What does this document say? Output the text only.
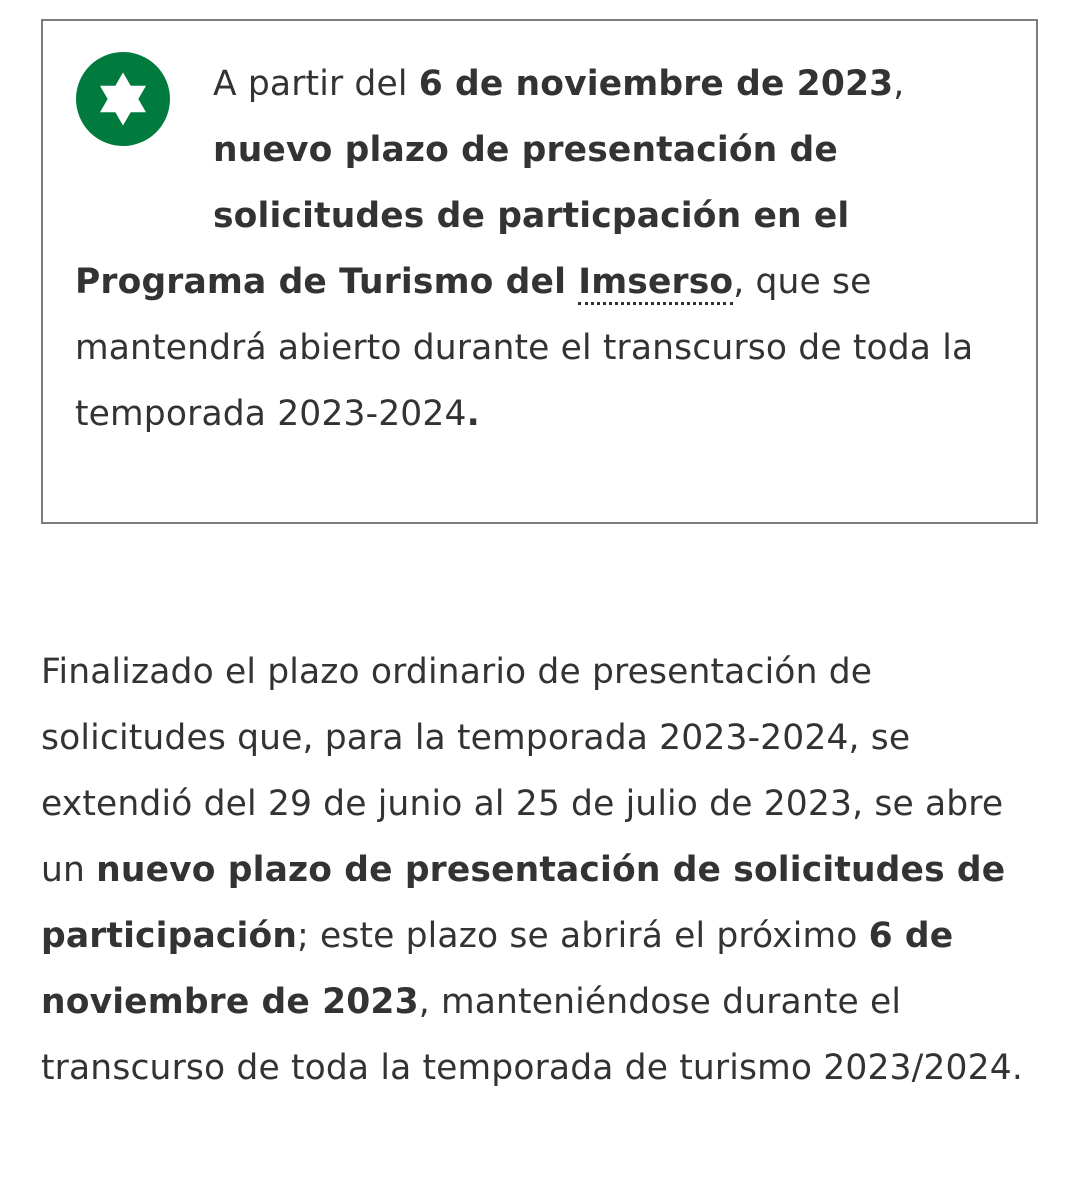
A partir del 6 de noviembre de 2023, nuevo plazo de presentación de solicitudes de particpación en el Programa de Turismo del Imserso, que se mantendrá abierto durante el transcurso de toda la temporada 2023-2024.

Finalizado el plazo ordinario de presentación de solicitudes que, para la temporada 2023-2024, se extendió del 29 de junio al 25 de julio de 2023, se abre un nuevo plazo de presentación de solicitudes de participación; este plazo se abrirá el próximo 6 de noviembre de 2023, manteniéndose durante el transcurso de toda la temporada de turismo 2023/2024.
